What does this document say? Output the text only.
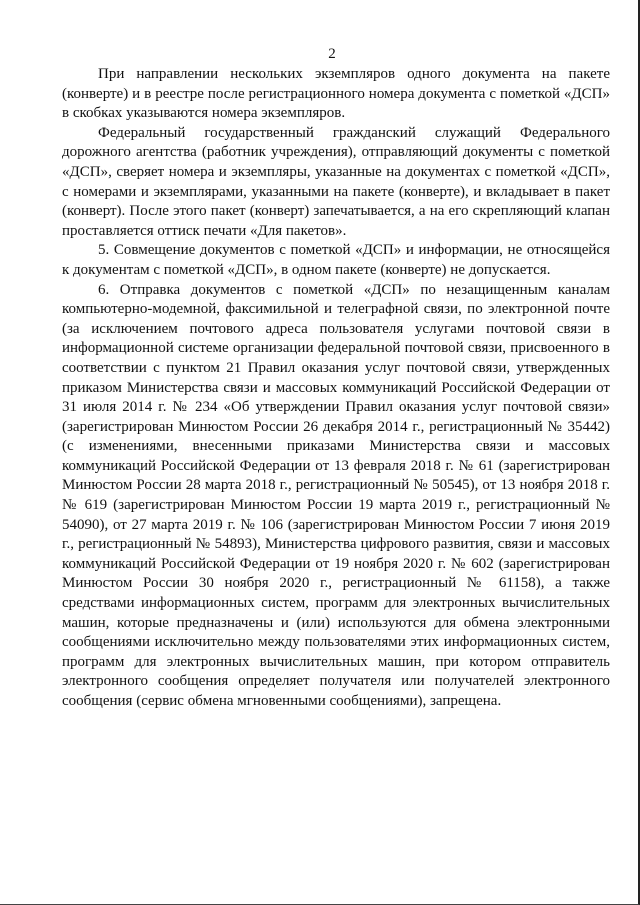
2

При направлении нескольких экземпляров одного документа на пакете (конверте) и в реестре после регистрационного номера документа с пометкой «ДСП» в скобках указываются номера экземпляров.

Федеральный государственный гражданский служащий Федерального дорожного агентства (работник учреждения), отправляющий документы с пометкой «ДСП», сверяет номера и экземпляры, указанные на документах с пометкой «ДСП», с номерами и экземплярами, указанными на пакете (конверте), и вкладывает в пакет (конверт). После этого пакет (конверт) запечатывается, а на его скрепляющий клапан проставляется оттиск печати «Для пакетов».

5. Совмещение документов с пометкой «ДСП» и информации, не относящейся к документам с пометкой «ДСП», в одном пакете (конверте) не допускается.

6. Отправка документов с пометкой «ДСП» по незащищенным каналам компьютерно-модемной, факсимильной и телеграфной связи, по электронной почте (за исключением почтового адреса пользователя услугами почтовой связи в информационной системе организации федеральной почтовой связи, присвоенного в соответствии с пунктом 21 Правил оказания услуг почтовой связи, утвержденных приказом Министерства связи и массовых коммуникаций Российской Федерации от 31 июля 2014 г. № 234 «Об утверждении Правил оказания услуг почтовой связи» (зарегистрирован Минюстом России 26 декабря 2014 г., регистрационный № 35442) (с изменениями, внесенными приказами Министерства связи и массовых коммуникаций Российской Федерации от 13 февраля 2018 г. № 61 (зарегистрирован Минюстом России 28 марта 2018 г., регистрационный № 50545), от 13 ноября 2018 г. № 619 (зарегистрирован Минюстом России 19 марта 2019 г., регистрационный № 54090), от 27 марта 2019 г. № 106 (зарегистрирован Минюстом России 7 июня 2019 г., регистрационный № 54893), Министерства цифрового развития, связи и массовых коммуникаций Российской Федерации от 19 ноября 2020 г. № 602 (зарегистрирован Минюстом России 30 ноября 2020 г., регистрационный № 61158), а также средствами информационных систем, программ для электронных вычислительных машин, которые предназначены и (или) используются для обмена электронными сообщениями исключительно между пользователями этих информационных систем, программ для электронных вычислительных машин, при котором отправитель электронного сообщения определяет получателя или получателей электронного сообщения (сервис обмена мгновенными сообщениями), запрещена.
